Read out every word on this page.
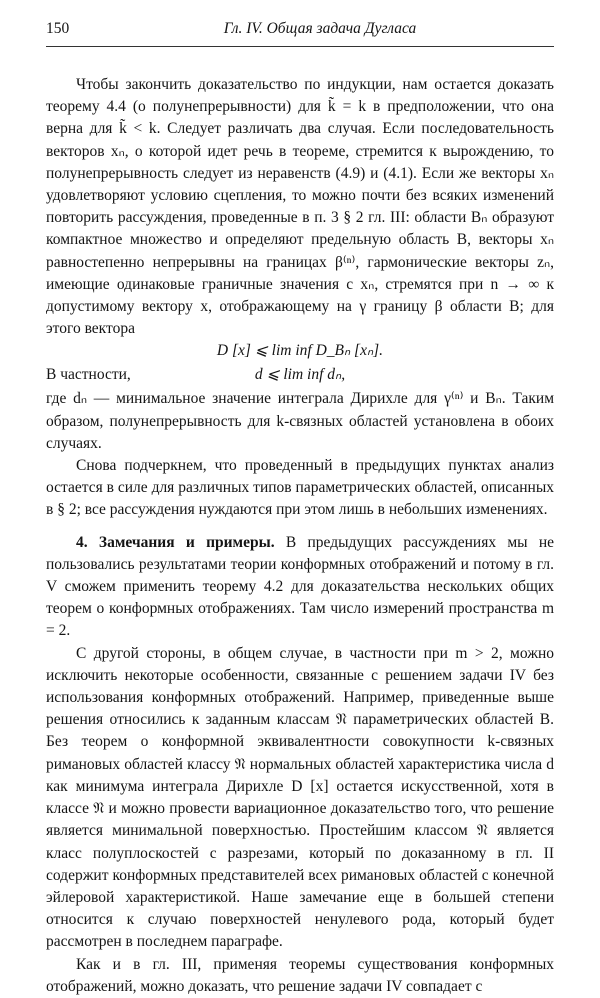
150	Гл. IV. Общая задача Дугласа

Чтобы закончить доказательство по индукции, нам остается доказать теорему 4.4 (о полунепрерывности) для k̃ = k в предположении, что она верна для k̃ < k. Следует различать два случая. Если последовательность векторов xₙ, о которой идет речь в теореме, стремится к вырождению, то полунепрерывность следует из неравенств (4.9) и (4.1). Если же векторы xₙ удовлетворяют условию сцепления, то можно почти без всяких изменений повторить рассуждения, проведенные в п. 3 § 2 гл. III: области Bₙ образуют компактное множество и определяют предельную область B, векторы xₙ равностепенно непрерывны на границах β⁽ⁿ⁾, гармонические векторы zₙ, имеющие одинаковые граничные значения с xₙ, стремятся при n → ∞ к допустимому вектору x, отображающему на γ границу β области B; для этого вектора

D [x] ⩽ lim inf D_Bₙ [xₙ].
В частности,	d ⩽ lim inf dₙ,

где dₙ — минимальное значение интеграла Дирихле для γ⁽ⁿ⁾ и Bₙ. Таким образом, полунепрерывность для k-связных областей установлена в обоих случаях.

Снова подчеркнем, что проведенный в предыдущих пунктах анализ остается в силе для различных типов параметрических областей, описанных в § 2; все рассуждения нуждаются при этом лишь в небольших изменениях.

4. Замечания и примеры. В предыдущих рассуждениях мы не пользовались результатами теории конформных отображений и потому в гл. V сможем применить теорему 4.2 для доказательства нескольких общих теорем о конформных отображениях. Там число измерений пространства m = 2.

С другой стороны, в общем случае, в частности при m > 2, можно исключить некоторые особенности, связанные с решением задачи IV без использования конформных отображений. Например, приведенные выше решения относились к заданным классам 𝔑 параметрических областей B. Без теорем о конформной эквивалентности совокупности k-связных римановых областей классу 𝔑 нормальных областей характеристика числа d как минимума интеграла Дирихле D [x] остается искусственной, хотя в классе 𝔑 и можно провести вариационное доказательство того, что решение является минимальной поверхностью. Простейшим классом 𝔑 является класс полуплоскостей с разрезами, который по доказанному в гл. II содержит конформных представителей всех римановых областей с конечной эйлеровой характеристикой. Наше замечание еще в большей степени относится к случаю поверхностей ненулевого рода, который будет рассмотрен в последнем параграфе.

Как и в гл. III, применяя теоремы существования конформных отображений, можно доказать, что решение задачи IV совпадает с
